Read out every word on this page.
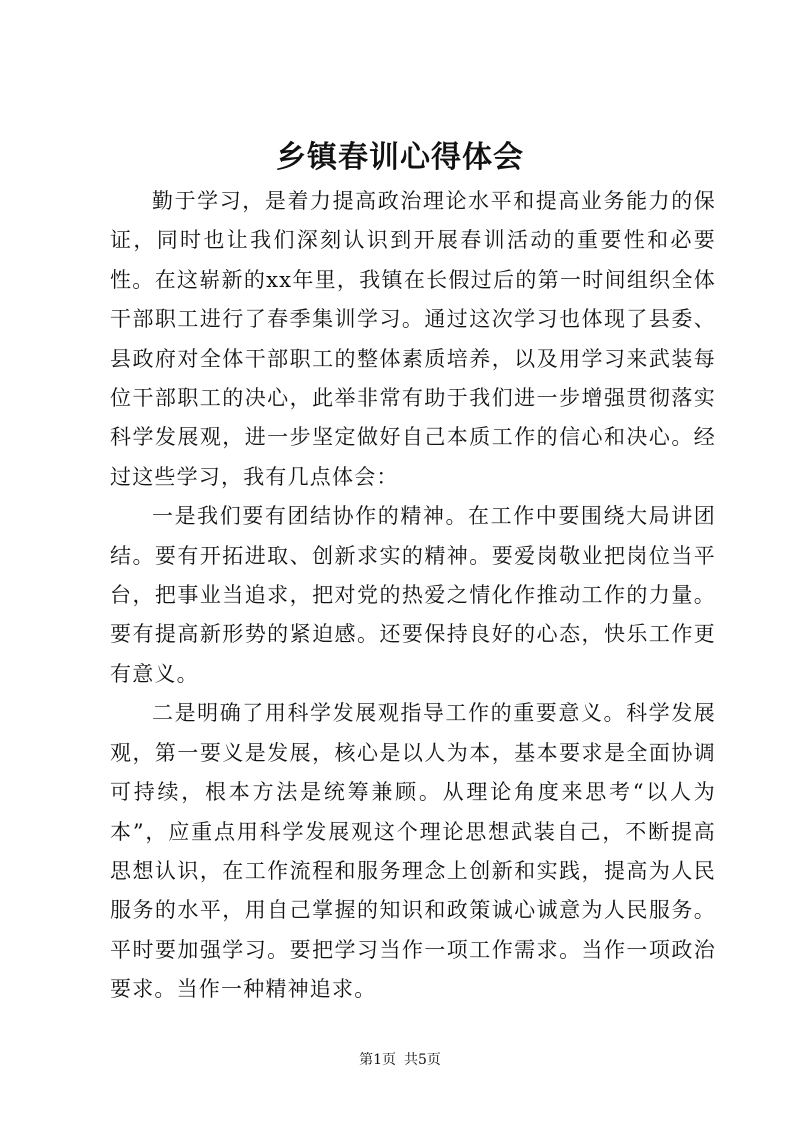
乡镇春训心得体会

勤于学习，是着力提高政治理论水平和提高业务能力的保证，同时也让我们深刻认识到开展春训活动的重要性和必要性。在这崭新的xx年里，我镇在长假过后的第一时间组织全体干部职工进行了春季集训学习。通过这次学习也体现了县委、县政府对全体干部职工的整体素质培养，以及用学习来武装每位干部职工的决心，此举非常有助于我们进一步增强贯彻落实科学发展观，进一步坚定做好自己本质工作的信心和决心。经过这些学习，我有几点体会：

一是我们要有团结协作的精神。在工作中要围绕大局讲团结。要有开拓进取、创新求实的精神。要爱岗敬业把岗位当平台，把事业当追求，把对党的热爱之情化作推动工作的力量。要有提高新形势的紧迫感。还要保持良好的心态，快乐工作更有意义。

二是明确了用科学发展观指导工作的重要意义。科学发展观，第一要义是发展，核心是以人为本，基本要求是全面协调可持续，根本方法是统筹兼顾。从理论角度来思考“以人为本”，应重点用科学发展观这个理论思想武装自己，不断提高思想认识，在工作流程和服务理念上创新和实践，提高为人民服务的水平，用自己掌握的知识和政策诚心诚意为人民服务。平时要加强学习。要把学习当作一项工作需求。当作一项政治要求。当作一种精神追求。

第1页 共5页
